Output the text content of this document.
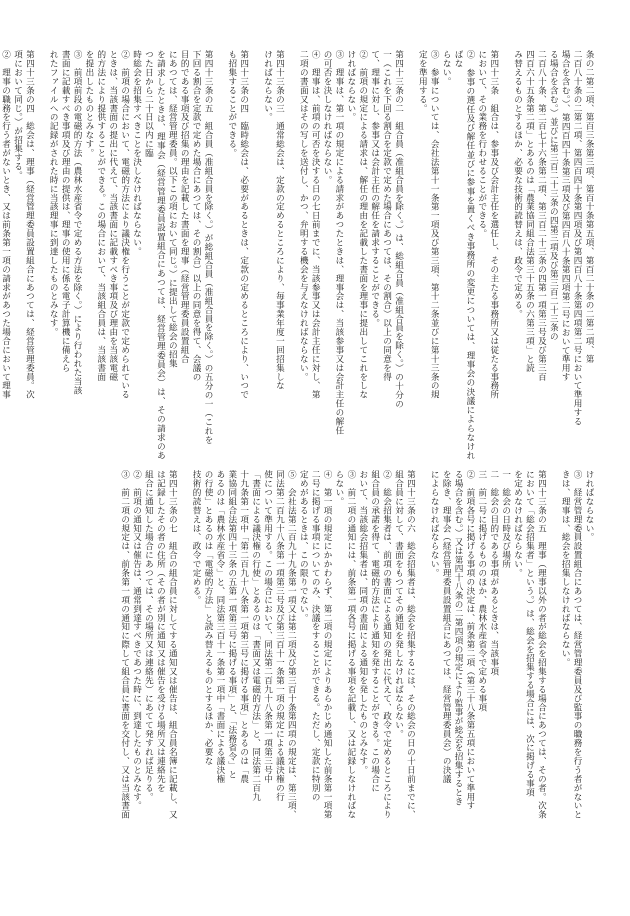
条の二第二項、第百三条第三項、第百十条第五項、第百二十条の二第二項、第

二百八十条の二第二項、第四百四十条第四項及び第四百八十条第四項第二号において準用する

場合を含む。）、第四百四十条第三項及び第四百八十条第四項第二号において準用す

る場合を含む。）並びに第三百二十三条の四第三項及び第三百二十三条の

二百八十条、第二百七十六条第二項、第三百二十三条の四第一項第三号及び第三百

四百六十五条第二項」とあるのは「農業協同組合法第三十五条の六第三項」と読

み替えるものとするほか、必要な技術的読替えは、政令で定める。

第四十三条　組合は、参事及び会計主任を選任し、その主たる事務所又は従たる事務所

において、その業務を行わせることができる。

②　参事の選任及び解任並びに参事を置くべき事務所の変更については、理事会の決議によらなければな

らない。

③　参事については、会社法第十一条第一項及び第三項、第十二条並びに第十三条の規

定を準用する。

第四十三条の二　組合員（准組合員を除く。）は、総組合員（准組合員を除く。）の十分の

一（これを下回る割合を定款で定めた場合にあつては、その割合）以上の同意を得

て、理事に対し、参事又は会計主任の解任を請求することができる。

②　前項の規定による請求は、解任の理由を記載した書面を理事に提出してこれをしな

ければならない。

③　理事は、第一項の規定による請求があつたときは、理事会は、当該参事又は会計主任の解任

の可否を決しなければならない。

④　理事は、前項の可否を決する日の七日前までに、当該参事又は会計主任に対し、第

二項の書面又はその写しを送付し、かつ、弁明する機会を与えなければならない。

第四十三条の三　通常総会は、定款の定めるところにより、毎事業年度一回招集しな

ければならない。

第四十三条の四　臨時総会は、必要があるときは、定款の定めるところにより、いつで

も招集することができる。

第四十三条の五　組合員（准組合員を除く。）が総組合員（准組合員を除く。）の五分の一（これを

下回る割合を定款で定めた場合にあつては、その割合）以上の同意を得て、会議の

目的である事項及び招集の理由を記載した書面を理事（経営管理委員設置組合

にあつては、経営管理委員。以下この項において同じ。）に提出して総会の招集

を請求したときは、理事会（経営管理委員設置組合にあつては、経営管理委員会）は、その請求のあつた日から二十日以内に臨

時総会を招集すべきことを決しなければならない。

②　前項の場合において、電磁的方法により議決権を行うことが定款で定められている

ときは、当該書面の提出に代えて、当該書面に記載すべき事項及び理由を当該電磁

的方法により提供することができる。この場合において、当該組合員は、当該書面

を提出したものとみなす。

③　前項前段の電磁的方法（農林水産省令で定める方法を除く。）により行われた当該

書面に記載すべき事項及び理由の提供は、理事の使用に係る電子計算機に備えら

れたファイルへの記録がされた時に当該理事に到達したものとみなす。

第四十三条の四　総会は、理事（経営管理委員設置組合にあつては、経営管理委員。次

項において同じ。）が招集する。

②　理事の職務を行う者がないとき、又は前条第一項の請求があつた場合において理事

ければならない。

③　経営管理委員設置組合にあつては、経営管理委員及び監事の職務を行う者がないと

きは、理事は、総会を招集しなければならない。

第四十三条の五　理事（理事以外の者が総会を招集する場合にあつては、その者。次条

において「総会招集者」という。）は、総会を招集する場合には、次に掲げる事項

を定めなければならない。

一　総会の日時及び場所

二　総会の目的である事項があるときは、当該事項

三　前二号に掲げるもののほか、農林水産省令で定める事項

②　前項各号に掲げる事項の決定は、前条第二項（第三十八条第五項において準用す

る場合を含む。）又は第四十八条の二第四項の規定により監事が総会を招集するとき

を除き、理事会（経営管理委員設置組合にあつては、経営管理委員会）の決議

によらなければならない。

第四十三条の六　総会招集者は、総会を招集するには、その総会の日の十日前までに、

組合員に対して、書面をもつてその通知を発しなければならない。

②　総会招集者は、前項の書面による通知の発出に代えて、政令で定めるところにより

組合員の承諾を得て、電磁的方法により通知を発することができる。この場合に

おいて、当該総会招集者は、同項の書面による通知を発したものとみなす。

③　前二項の通知には、前条第一項各号に掲げる事項を記載し、又は記録しなければな

らない。

④　第一項の規定にかかわらず、第二項の規定によりあらかじめ通知した前条第一項第

二号に掲げる事項についてのみ、決議をすることができる。ただし、定款に特別の

定めがあるときは、この限りでない。

⑤　会社法第二百九十九条第一項又は第二項及び第三百十条第四項の規定は、第三項、

同法第二百九十八条第一項第三号及び第三百十一条第一項の規定による議決権の行

使について準用する。この場合において、同法第二百九十八条第一項第三号中

「書面による議決権の行使」とあるのは「書面又は電磁的方法」と、同法第二百九

十九条第一項中「第二百九十八条第一項第三号に掲げる事項」とあるのは「農

業協同組合法第四十三条の五第一項第三号に掲げる事項」と、「法務省令」と

あるのは「農林水産省令」と、同法第三百十一条第一項中「書面による議決権

の行使」とあるのは「電磁的方法」と読み替えるものとするほか、必要な

技術的読替えは、政令で定める。

第四十三条の七　組合の組合員に対してする通知又は催告は、組合員名簿に記載し、又

は記録したその者の住所（その者が別に通知又は催告を受ける場所又は連絡先を

組合に通知した場合にあつては、その場所又は連絡先）にあてて発すれば足りる。

②　前項の通知又は催告は、通常到達すべきであつた時に、到達したものとみなす。

③　前二項の規定は、前条第一項の通知に際して組合員に書面を交付し、又は当該書面
